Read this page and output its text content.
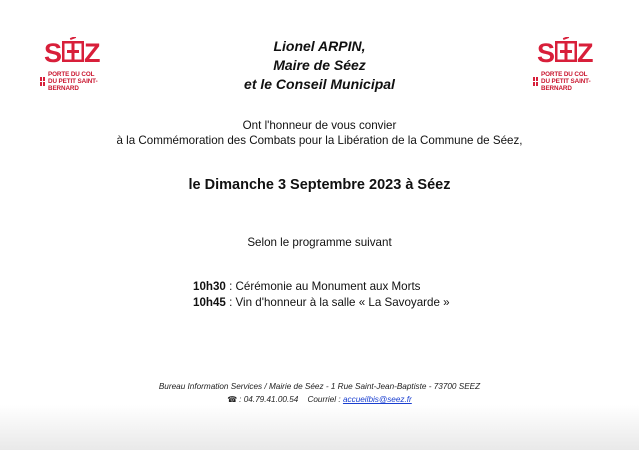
S Z
PORTE DU COL
DU PETIT SAINT-BERNARD
S Z
PORTE DU COL
DU PETIT SAINT-BERNARD
Lionel ARPIN,
Maire de Séez
et le Conseil Municipal
Ont l'honneur de vous convier
à la Commémoration des Combats pour la Libération de la Commune de Séez,
le Dimanche 3 Septembre 2023 à Séez
Selon le programme suivant
10h30 : Cérémonie au Monument aux Morts
10h45 : Vin d'honneur à la salle « La Savoyarde »
Bureau Information Services / Mairie de Séez - 1 Rue Saint-Jean-Baptiste - 73700 SEEZ
☎ : 04.79.41.00.54 Courriel : accueilbis@seez.fr
